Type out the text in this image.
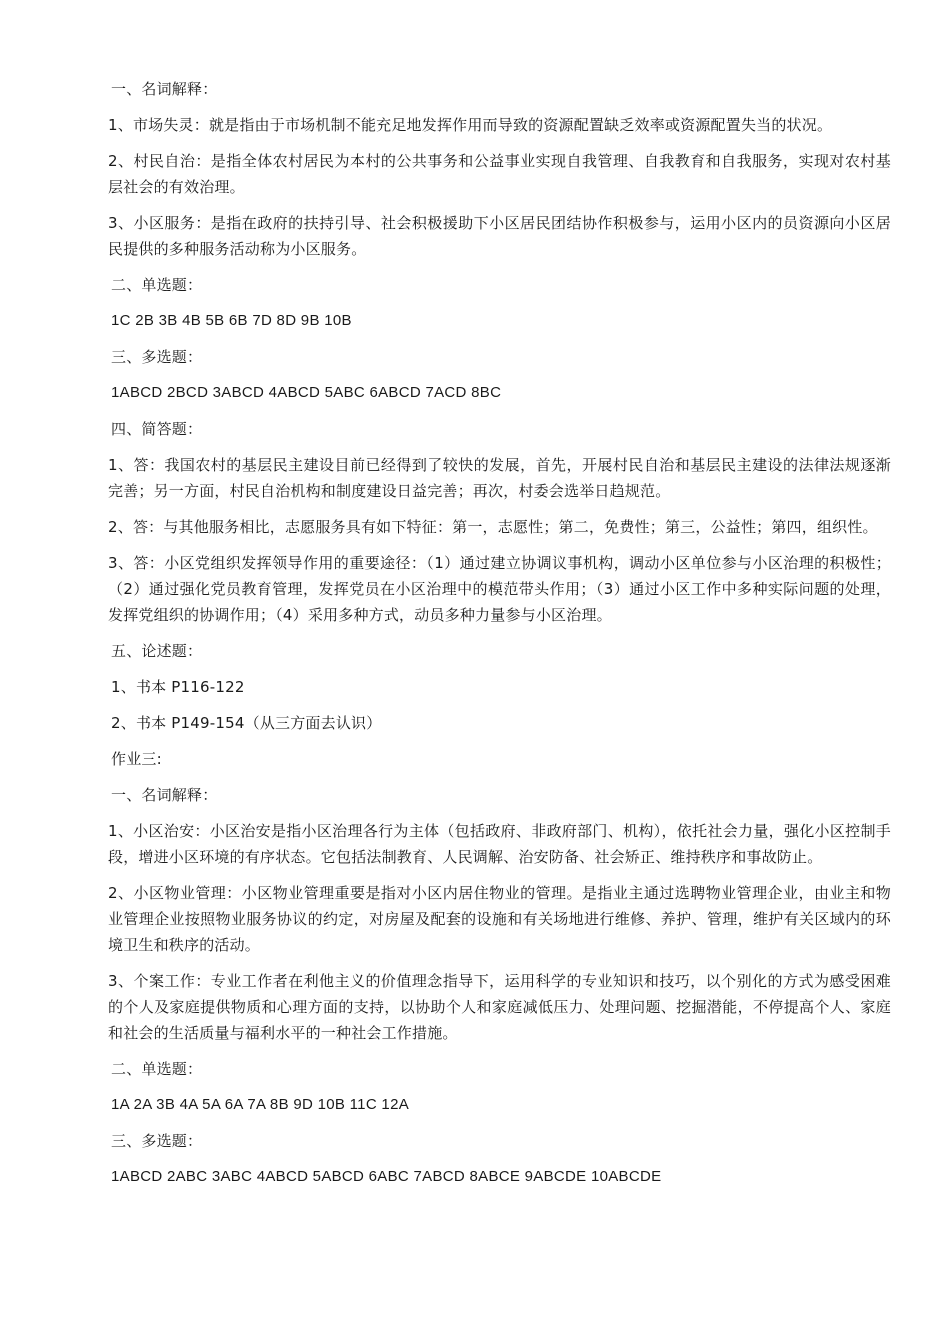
一、名词解释：

1、市场失灵：就是指由于市场机制不能充足地发挥作用而导致的资源配置缺乏效率或资源配置失当的状况。

2、村民自治：是指全体农村居民为本村的公共事务和公益事业实现自我管理、自我教育和自我服务，实现对农村基层社会的有效治理。

3、小区服务：是指在政府的扶持引导、社会积极援助下小区居民团结协作积极参与，运用小区内的员资源向小区居民提供的多种服务活动称为小区服务。

二、单选题：

1C 2B 3B 4B 5B 6B 7D 8D 9B 10B

三、多选题：

1ABCD 2BCD 3ABCD 4ABCD 5ABC 6ABCD 7ACD 8BC

四、简答题：

1、答：我国农村的基层民主建设目前已经得到了较快的发展，首先，开展村民自治和基层民主建设的法律法规逐渐完善；另一方面，村民自治机构和制度建设日益完善；再次，村委会选举日趋规范。

2、答：与其他服务相比，志愿服务具有如下特征：第一，志愿性；第二，免费性；第三，公益性；第四，组织性。

3、答：小区党组织发挥领导作用的重要途径：（1）通过建立协调议事机构，调动小区单位参与小区治理的积极性；（2）通过强化党员教育管理，发挥党员在小区治理中的模范带头作用；（3）通过小区工作中多种实际问题的处理，发挥党组织的协调作用；（4）采用多种方式，动员多种力量参与小区治理。

五、论述题：

1、书本 P116-122

2、书本 P149-154（从三方面去认识）

作业三:

一、名词解释：

1、小区治安：小区治安是指小区治理各行为主体（包括政府、非政府部门、机构），依托社会力量，强化小区控制手段，增进小区环境的有序状态。它包括法制教育、人民调解、治安防备、社会矫正、维持秩序和事故防止。

2、小区物业管理：小区物业管理重要是指对小区内居住物业的管理。是指业主通过选聘物业管理企业，由业主和物业管理企业按照物业服务协议的约定，对房屋及配套的设施和有关场地进行维修、养护、管理，维护有关区域内的环境卫生和秩序的活动。

3、个案工作：专业工作者在利他主义的价值理念指导下，运用科学的专业知识和技巧，以个别化的方式为感受困难的个人及家庭提供物质和心理方面的支持，以协助个人和家庭减低压力、处理问题、挖掘潜能，不停提高个人、家庭和社会的生活质量与福利水平的一种社会工作措施。

二、单选题：

1A 2A 3B 4A 5A 6A 7A 8B 9D 10B 11C 12A

三、多选题：

1ABCD 2ABC 3ABC 4ABCD 5ABCD 6ABC 7ABCD 8ABCE 9ABCDE 10ABCDE
